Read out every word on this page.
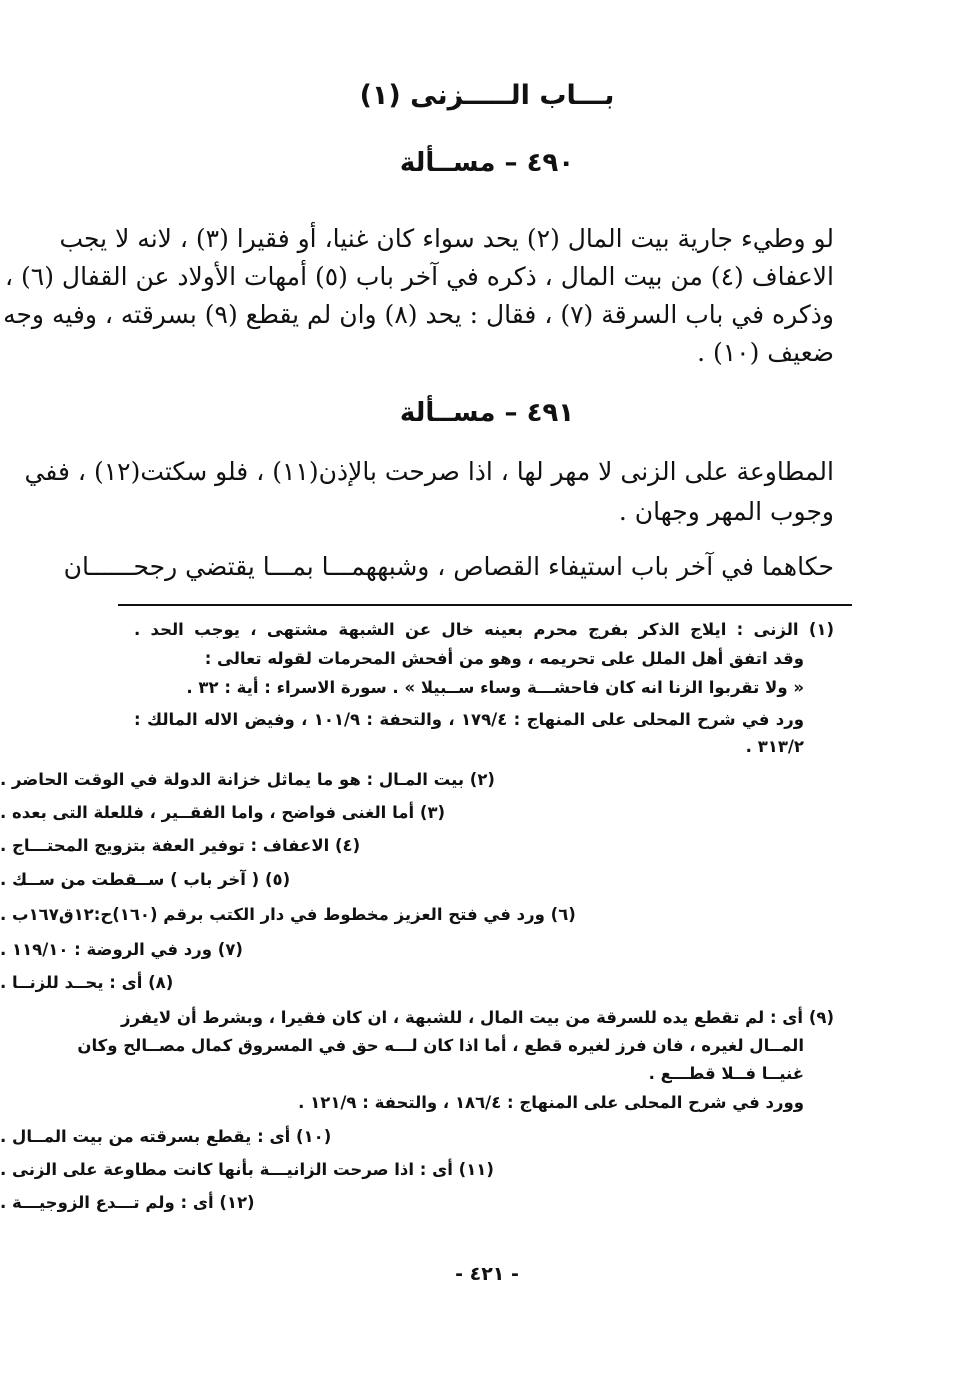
بـــاب الـــــزنى (١)
٤٩٠ – مســألة
لو وطيء جارية بيت المال (٢) يحد سواء كان غنيا، أو فقيرا (٣) ، لانه لا يجب
الاعفاف (٤) من بيت المال ، ذكره في آخر باب (٥) أمهات الأولاد عن القفال (٦) ،
وذكره في باب السرقة (٧) ، فقال : يحد (٨) وان لم يقطع (٩) بسرقته ، وفيه وجه
ضعيف (١٠) .
٤٩١ – مســألة
المطاوعة على الزنى لا مهر لها ، اذا صرحت بالإذن(١١) ، فلو سكتت(١٢) ، ففي
وجوب المهر وجهان .
حكاهما في آخر باب استيفاء القصاص ، وشبههمـــا بمـــا يقتضي رجحــــــان
(١) الزنى : ايلاج الذكر بفرج محرم بعينه خال عن الشبهة مشتهى ، يوجب الحد .
وقد اتفق أهل الملل على تحريمه ، وهو من أفحش المحرمات لقوله تعالى :
« ولا تقربوا الزنا انه كان فاحشـــة وساء ســبيلا » . سورة الاسراء : أية : ٣٢ .
ورد في شرح المحلى على المنهاج : ١٧٩/٤ ، والتحفة : ١٠١/٩ ، وفيض الاله المالك :
٣١٣/٢ .
(٢) بيت المـال : هو ما يماثل خزانة الدولة في الوقت الحاضر .
(٣) أما الغنى فواضح ، واما الفقــير ، فللعلة التى بعده .
(٤) الاعفاف : توفير العفة بتزويج المحتـــاج .
(٥) ( آخر باب ) ســقطت من ســك .
(٦) ورد في فتح العزيز مخطوط في دار الكتب برقم (١٦٠)ح:١٢ق١٦٧ب .
(٧) ورد في الروضة : ١١٩/١٠ .
(٨) أى : يحــد للزنــا .
(٩) أى : لم تقطع يده للسرقة من بيت المال ، للشبهة ، ان كان فقيرا ، وبشرط أن لايفرز
المــال لغيره ، فان فرز لغيره قطع ، أما اذا كان لـــه حق في المسروق كمال مصــالح وكان
غنيــا فــلا قطـــع .
وورد في شرح المحلى على المنهاج : ١٨٦/٤ ، والتحفة : ١٢١/٩ .
(١٠) أى : يقطع بسرقته من بيت المــال .
(١١) أى : اذا صرحت الزانيـــة بأنها كانت مطاوعة على الزنى .
(١٢) أى : ولم تـــدع الزوجيـــة .
- ٤٢١ -
